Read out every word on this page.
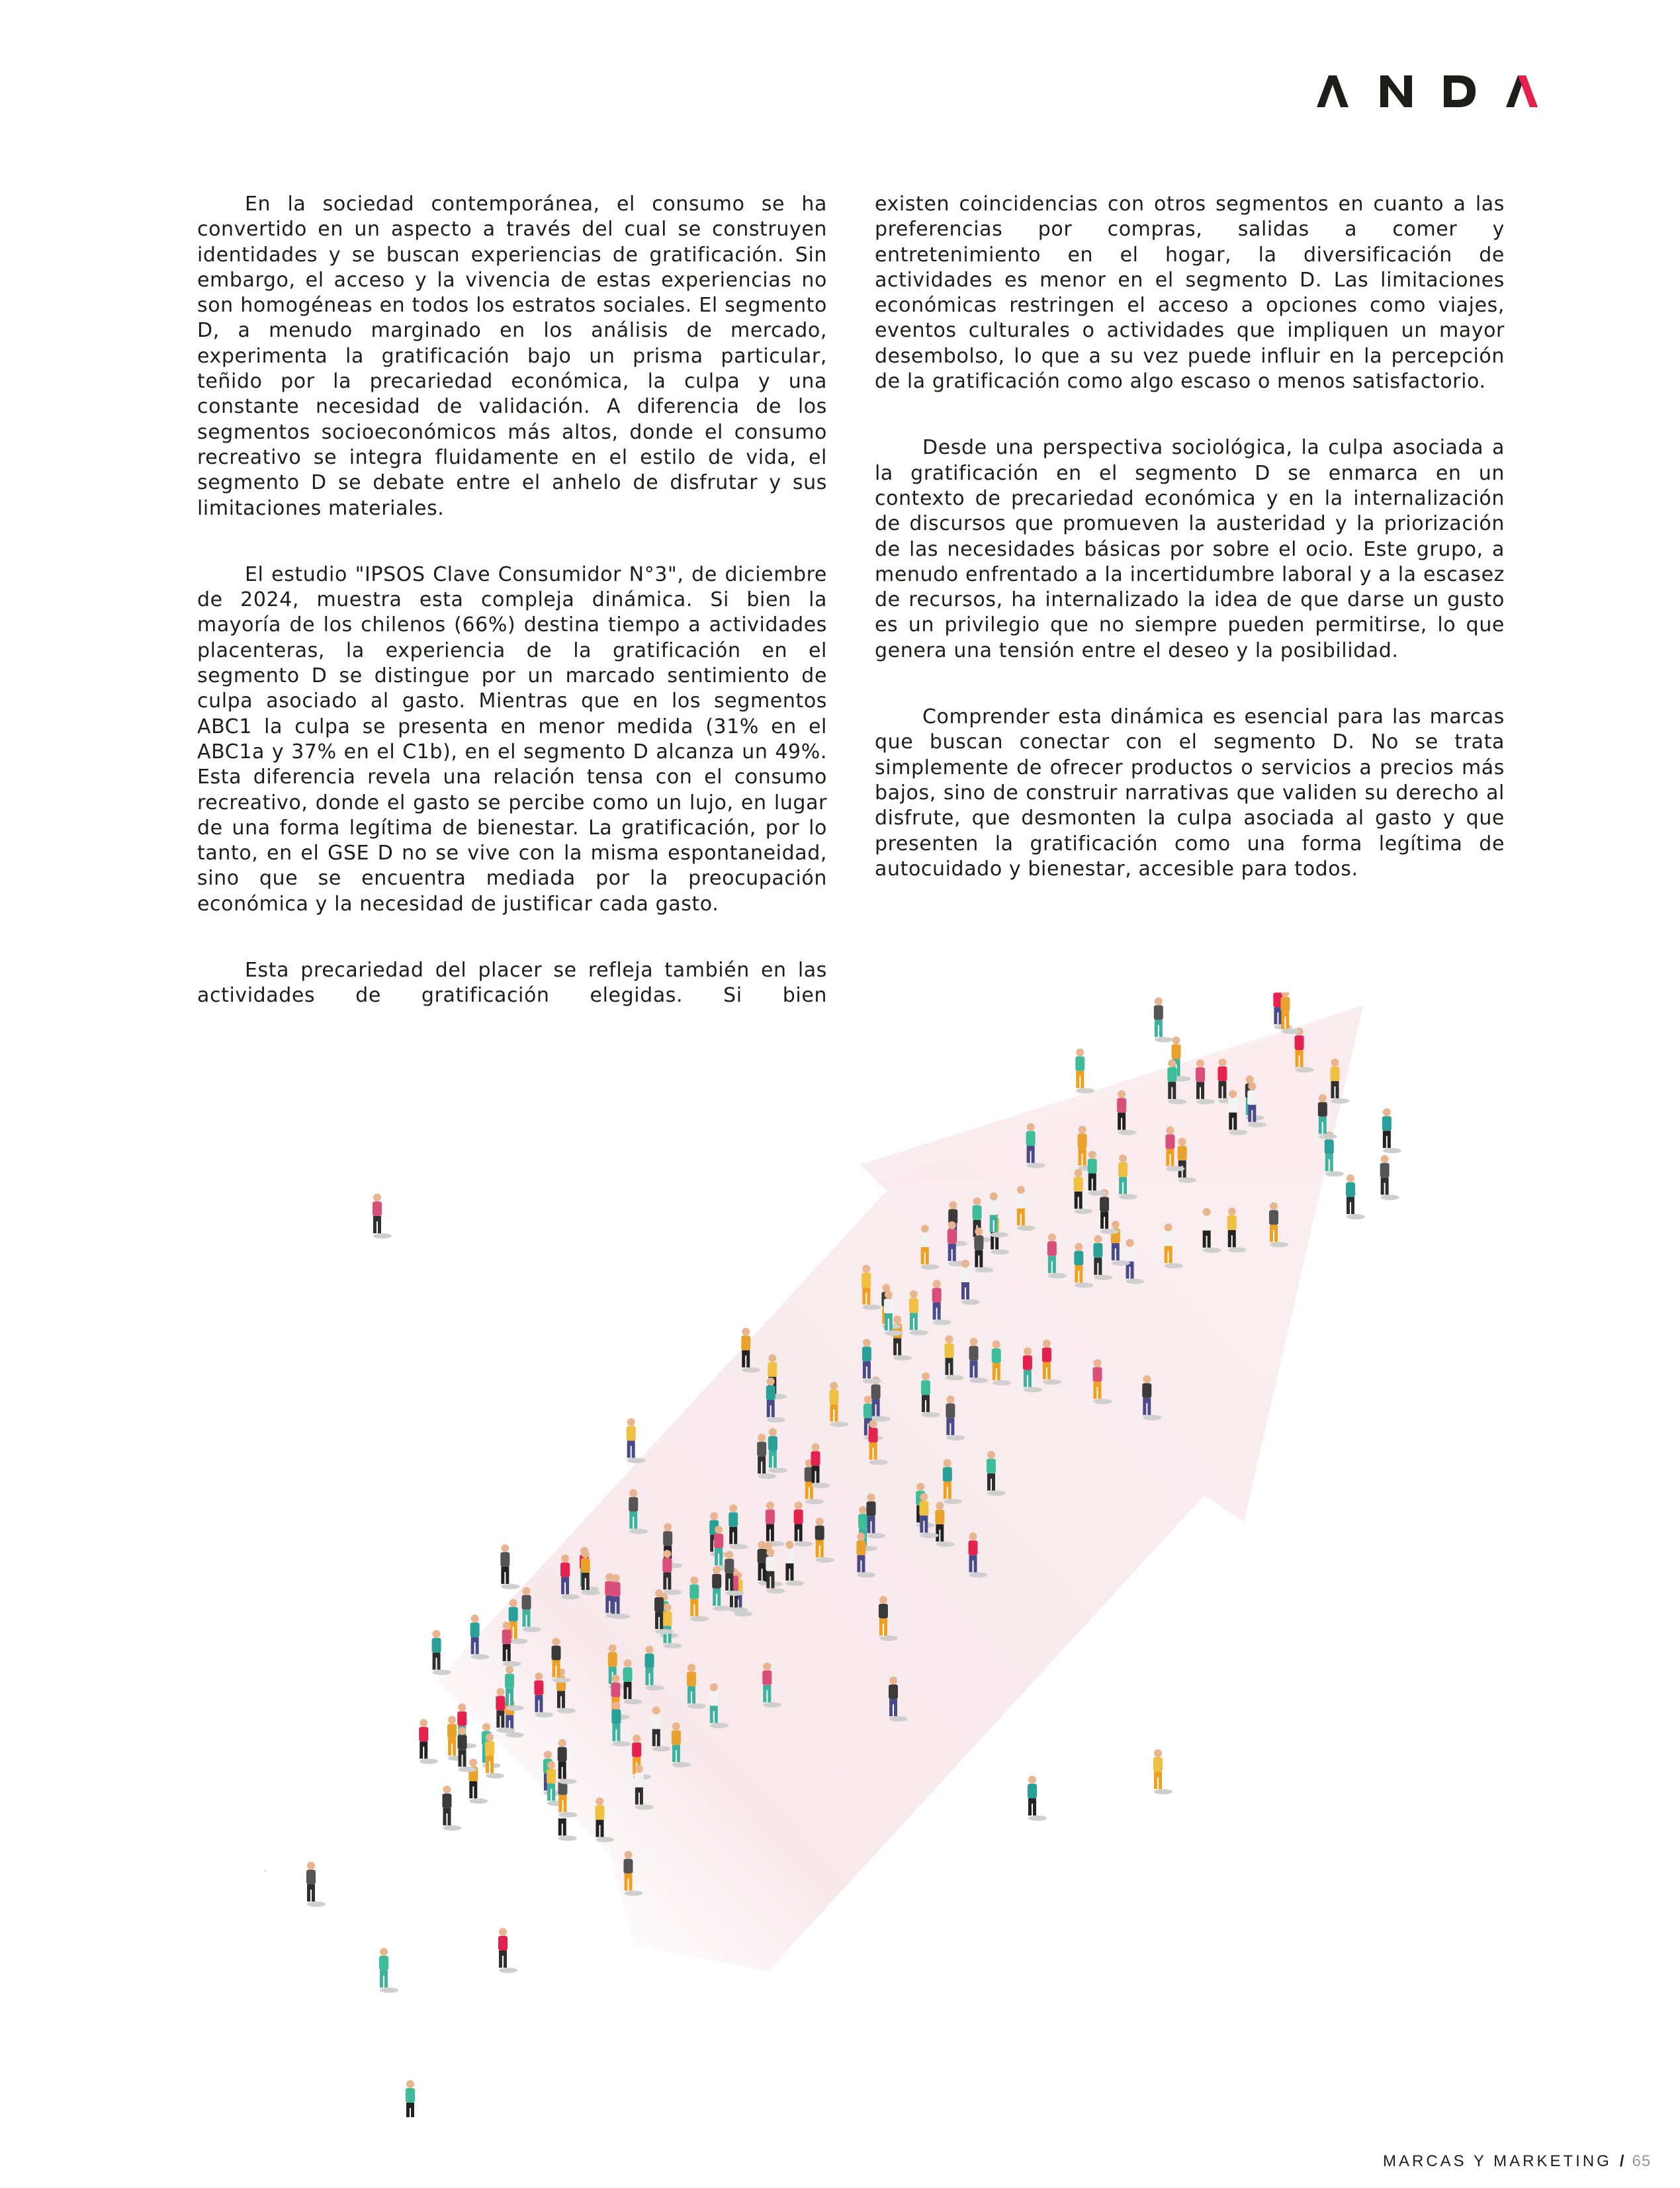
En la sociedad contemporánea, el consumo se ha convertido en un aspecto a través del cual se construyen identidades y se buscan experiencias de gratificación. Sin embargo, el acceso y la vivencia de estas experiencias no son homogéneas en todos los estratos sociales. El segmento D, a menudo marginado en los análisis de mercado, experimenta la gratificación bajo un prisma particular, teñido por la precariedad económica, la culpa y una constante necesidad de validación. A diferencia de los segmentos socioeconómicos más altos, donde el consumo recreativo se integra fluidamente en el estilo de vida, el segmento D se debate entre el anhelo de disfrutar y sus limitaciones materiales.

El estudio "IPSOS Clave Consumidor N°3", de diciembre de 2024, muestra esta compleja dinámica. Si bien la mayoría de los chilenos (66%) destina tiempo a actividades placenteras, la experiencia de la gratificación en el segmento D se distingue por un marcado sentimiento de culpa asociado al gasto. Mientras que en los segmentos ABC1 la culpa se presenta en menor medida (31% en el ABC1a y 37% en el C1b), en el segmento D alcanza un 49%. Esta diferencia revela una relación tensa con el consumo recreativo, donde el gasto se percibe como un lujo, en lugar de una forma legítima de bienestar. La gratificación, por lo tanto, en el GSE D no se vive con la misma espontaneidad, sino que se encuentra mediada por la preocupación económica y la necesidad de justificar cada gasto.

Esta precariedad del placer se refleja también en las actividades de gratificación elegidas. Si bien

existen coincidencias con otros segmentos en cuanto a las preferencias por compras, salidas a comer y entretenimiento en el hogar, la diversificación de actividades es menor en el segmento D. Las limitaciones económicas restringen el acceso a opciones como viajes, eventos culturales o actividades que impliquen un mayor desembolso, lo que a su vez puede influir en la percepción de la gratificación como algo escaso o menos satisfactorio.

Desde una perspectiva sociológica, la culpa asociada a la gratificación en el segmento D se enmarca en un contexto de precariedad económica y en la internalización de discursos que promueven la austeridad y la priorización de las necesidades básicas por sobre el ocio. Este grupo, a menudo enfrentado a la incertidumbre laboral y a la escasez de recursos, ha internalizado la idea de que darse un gusto es un privilegio que no siempre pueden permitirse, lo que genera una tensión entre el deseo y la posibilidad.

Comprender esta dinámica es esencial para las marcas que buscan conectar con el segmento D. No se trata simplemente de ofrecer productos o servicios a precios más bajos, sino de construir narrativas que validen su derecho al disfrute, que desmonten la culpa asociada al gasto y que presenten la gratificación como una forma legítima de autocuidado y bienestar, accesible para todos.

MARCAS Y MARKETING / 65
